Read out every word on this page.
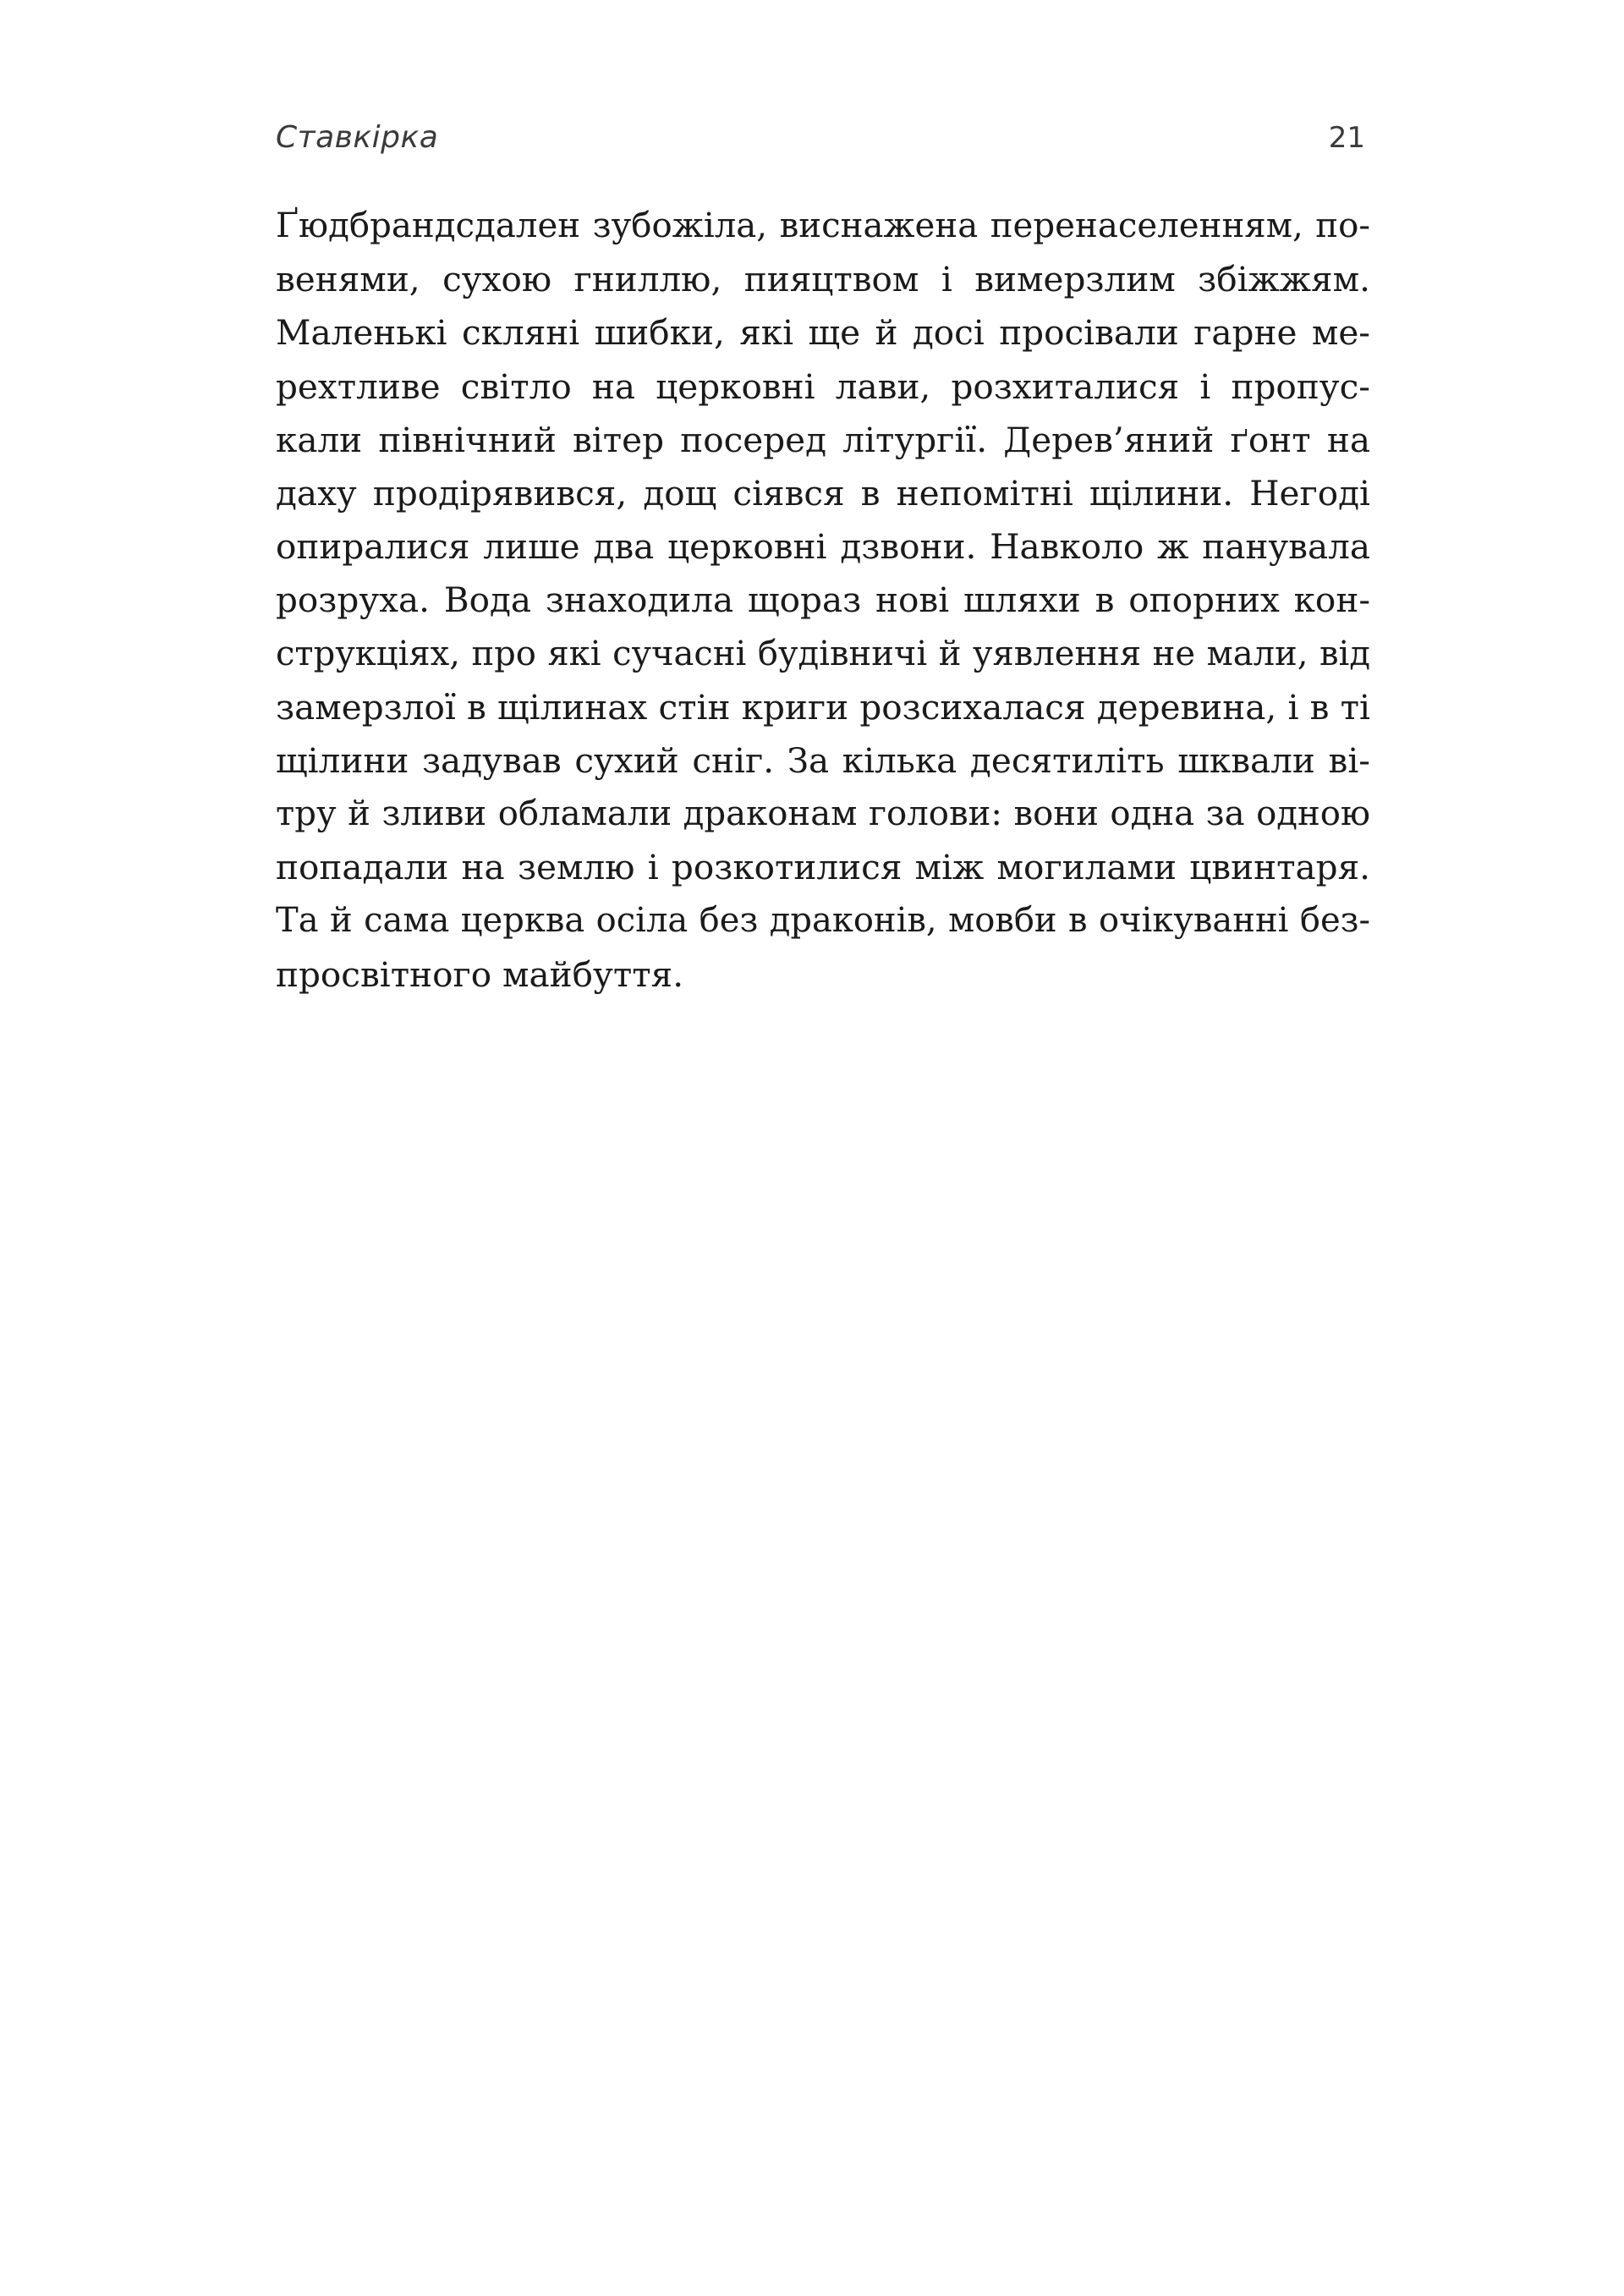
Ставкірка	21
Ґюдбрандсдален зубожіла, виснажена перенаселенням, по-
венями, сухою гниллю, пияцтвом і вимерзлим збіжжям.
Маленькі скляні шибки, які ще й досі просівали гарне ме-
рехтливе світло на церковні лави, розхиталися і пропус-
кали північний вітер посеред літургії. Дерев’яний ґонт на
даху продірявився, дощ сіявся в непомітні щілини. Негоді
опиралися лише два церковні дзвони. Навколо ж панувала
розруха. Вода знаходила щораз нові шляхи в опорних кон-
струкціях, про які сучасні будівничі й уявлення не мали, від
замерзлої в щілинах стін криги розсихалася деревина, і в ті
щілини задував сухий сніг. За кілька десятиліть шквали ві-
тру й зливи обламали драконам голови: вони одна за одною
попадали на землю і розкотилися між могилами цвинтаря.
Та й сама церква осіла без драконів, мовби в очікуванні без-
просвітного майбуття.
